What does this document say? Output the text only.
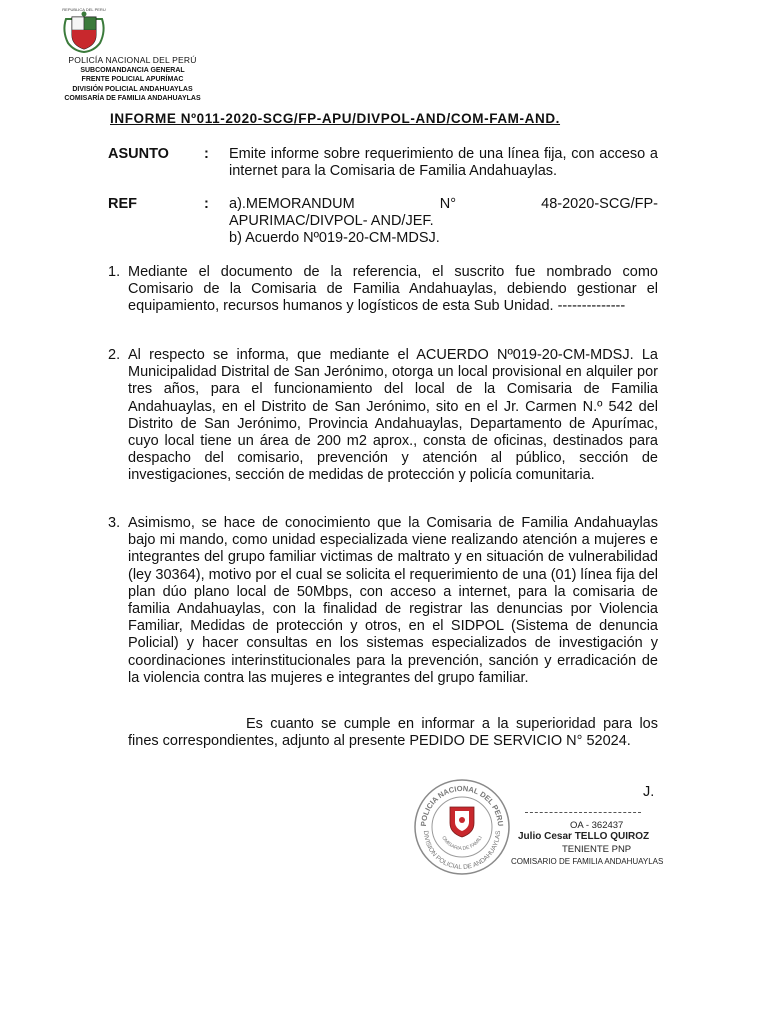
REPUBLICA DEL PERU
POLICÍA NACIONAL DEL PERÚ
SUBCOMANDANCIA GENERAL
FRENTE POLICIAL APURÍMAC
DIVISIÓN POLICIAL ANDAHUAYLAS
COMISARÍA DE FAMILIA ANDAHUAYLAS
INFORME Nº011-2020-SCG/FP-APU/DIVPOL-AND/COM-FAM-AND.
ASUNTO : Emite informe sobre requerimiento de una línea fija, con acceso a internet para la Comisaria de Familia Andahuaylas.
REF	: a).MEMORANDUM	N°	48-2020-SCG/FP-
APURIMAC/DIVPOL- AND/JEF.
b) Acuerdo Nº019-20-CM-MDSJ.
1. Mediante el documento de la referencia, el suscrito fue nombrado como Comisario de la Comisaria de Familia Andahuaylas, debiendo gestionar el equipamiento, recursos humanos y logísticos de esta Sub Unidad. --------------
2. Al respecto se informa, que mediante el ACUERDO Nº019-20-CM-MDSJ. La Municipalidad Distrital de San Jerónimo, otorga un local provisional en alquiler por tres años, para el funcionamiento del local de la Comisaria de Familia Andahuaylas, en el Distrito de San Jerónimo, sito en el Jr. Carmen N.º 542 del Distrito de San Jerónimo, Provincia Andahuaylas, Departamento de Apurímac, cuyo local tiene un área de 200 m2 aprox., consta de oficinas, destinados para despacho del comisario, prevención y atención al público, sección de investigaciones, sección de medidas de protección y policía comunitaria.
3. Asimismo, se hace de conocimiento que la Comisaria de Familia Andahuaylas bajo mi mando, como unidad especializada viene realizando atención a mujeres e integrantes del grupo familiar victimas de maltrato y en situación de vulnerabilidad (ley 30364), motivo por el cual se solicita el requerimiento de una (01) línea fija del plan dúo plano local de 50Mbps, con acceso a internet, para la comisaria de familia Andahuaylas, con la finalidad de registrar las denuncias por Violencia Familiar, Medidas de protección y otros, en el SIDPOL (Sistema de denuncia Policial) y hacer consultas en los sistemas especializados de investigación y coordinaciones interinstitucionales para la prevención, sanción y erradicación de la violencia contra las mujeres e integrantes del grupo familiar.
Es cuanto se cumple en informar a la superioridad para los fines correspondientes, adjunto al presente PEDIDO DE SERVICIO N° 52024.
J.
POLICIA NACIONAL DEL PERU
DIVISION POLICIAL DE ANDAHUAYLAS
OMISARIA DE FAMILI
OA - 362437
Julio Cesar TELLO QUIROZ
TENIENTE PNP
COMISARIO DE FAMILIA ANDAHUAYLAS
